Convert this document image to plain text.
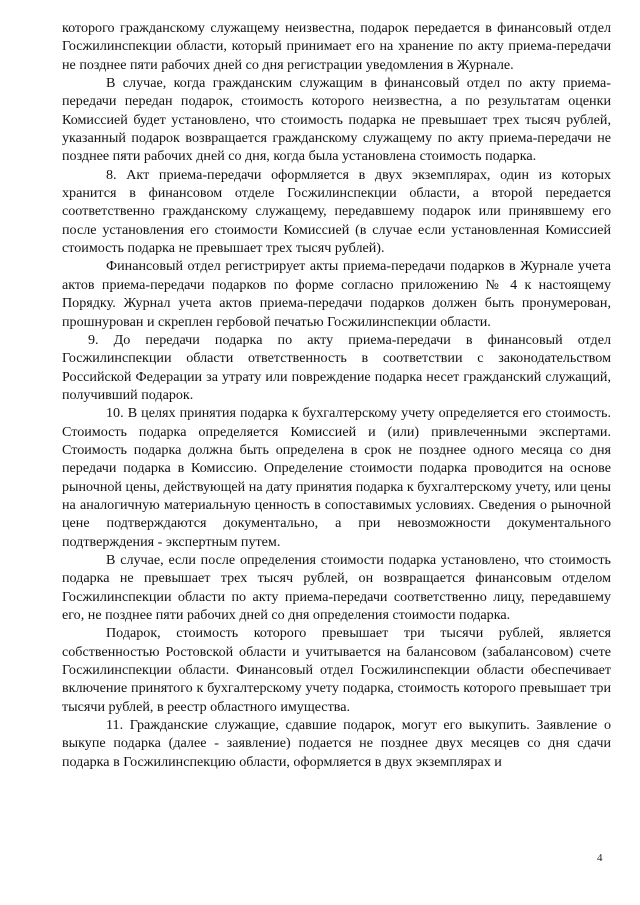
которого гражданскому служащему неизвестна, подарок передается в финансовый отдел Госжилинспекции области, который принимает его на хранение по акту приема-передачи не позднее пяти рабочих дней со дня регистрации уведомления в Журнале.

В случае, когда гражданским служащим в финансовый отдел по акту приема-передачи передан подарок, стоимость которого неизвестна, а по результатам оценки Комиссией будет установлено, что стоимость подарка не превышает трех тысяч рублей, указанный подарок возвращается гражданскому служащему по акту приема-передачи не позднее пяти рабочих дней со дня, когда была установлена стоимость подарка.

8. Акт приема-передачи оформляется в двух экземплярах, один из которых хранится в финансовом отделе Госжилинспекции области, а второй передается соответственно гражданскому служащему, передавшему подарок или принявшему его после установления его стоимости Комиссией (в случае если установленная Комиссией стоимость подарка не превышает трех тысяч рублей).

Финансовый отдел регистрирует акты приема-передачи подарков в Журнале учета актов приема-передачи подарков по форме согласно приложению № 4 к настоящему Порядку. Журнал учета актов приема-передачи подарков должен быть пронумерован, прошнурован и скреплен гербовой печатью Госжилинспекции области.

9. До передачи подарка по акту приема-передачи в финансовый отдел Госжилинспекции области ответственность в соответствии с законодательством Российской Федерации за утрату или повреждение подарка несет гражданский служащий, получивший подарок.

10. В целях принятия подарка к бухгалтерскому учету определяется его стоимость. Стоимость подарка определяется Комиссией и (или) привлеченными экспертами. Стоимость подарка должна быть определена в срок не позднее одного месяца со дня передачи подарка в Комиссию. Определение стоимости подарка проводится на основе рыночной цены, действующей на дату принятия подарка к бухгалтерскому учету, или цены на аналогичную материальную ценность в сопоставимых условиях. Сведения о рыночной цене подтверждаются документально, а при невозможности документального подтверждения - экспертным путем.

В случае, если после определения стоимости подарка установлено, что стоимость подарка не превышает трех тысяч рублей, он возвращается финансовым отделом Госжилинспекции области по акту приема-передачи соответственно лицу, передавшему его, не позднее пяти рабочих дней со дня определения стоимости подарка.

Подарок, стоимость которого превышает три тысячи рублей, является собственностью Ростовской области и учитывается на балансовом (забалансовом) счете Госжилинспекции области. Финансовый отдел Госжилинспекции области обеспечивает включение принятого к бухгалтерскому учету подарка, стоимость которого превышает три тысячи рублей, в реестр областного имущества.

11. Гражданские служащие, сдавшие подарок, могут его выкупить. Заявление о выкупе подарка (далее - заявление) подается не позднее двух месяцев со дня сдачи подарка в Госжилинспекцию области, оформляется в двух экземплярах и

4
